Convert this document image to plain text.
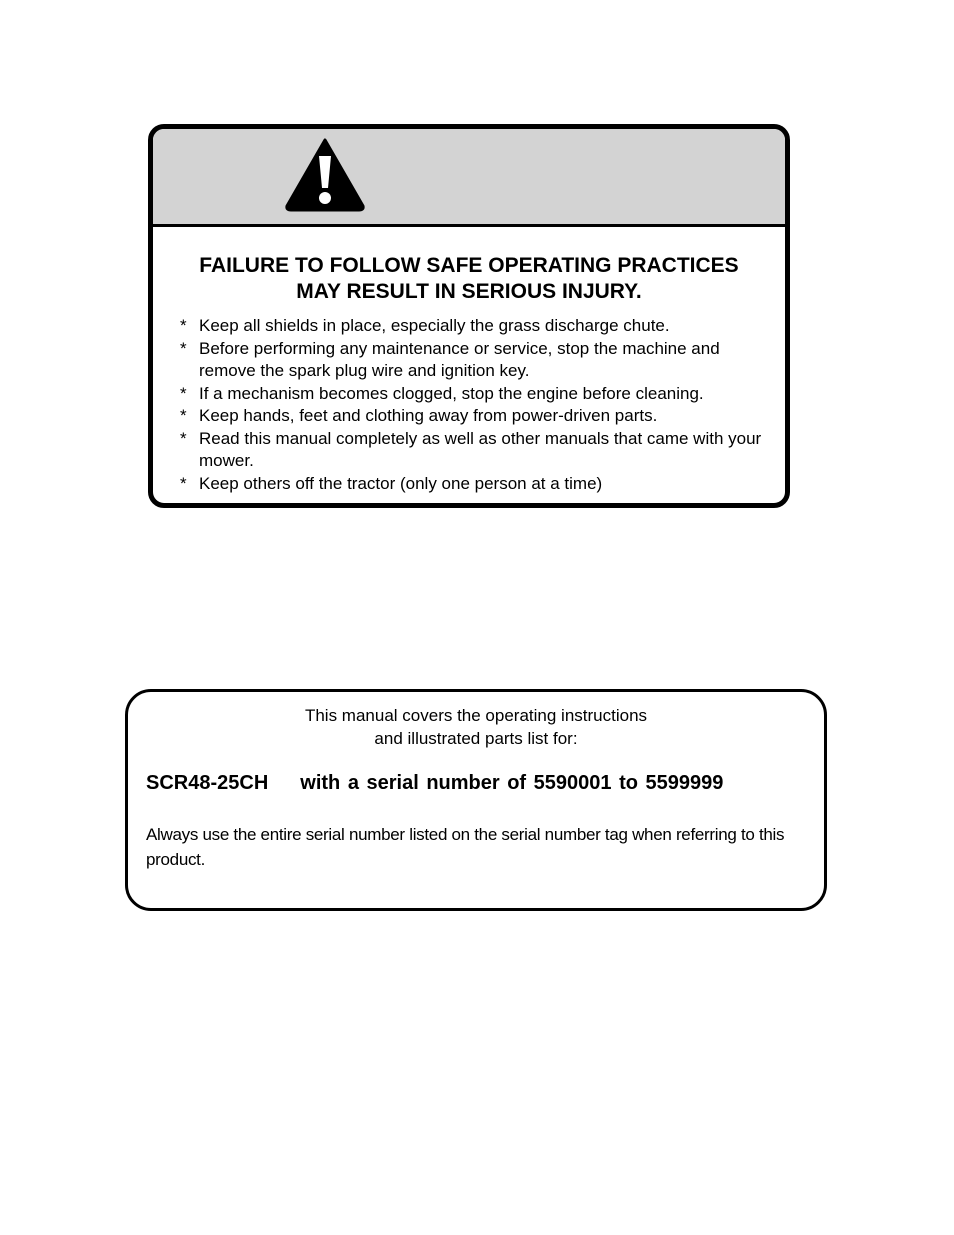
FAILURE TO FOLLOW SAFE OPERATING PRACTICES
MAY RESULT IN SERIOUS INJURY.
* Keep all shields in place, especially the grass discharge chute.
* Before performing any maintenance or service, stop the machine and remove the spark plug wire and ignition key.
* If a mechanism becomes clogged, stop the engine before cleaning.
* Keep hands, feet and clothing away from power-driven parts.
* Read this manual completely as well as other manuals that came with your mower.
* Keep others off the tractor (only one person at a time)
This manual covers the operating instructions
and illustrated parts list for:
SCR48-25CH with a serial number of 5590001 to 5599999
Always use the entire serial number listed on the serial number tag when referring to this product.
